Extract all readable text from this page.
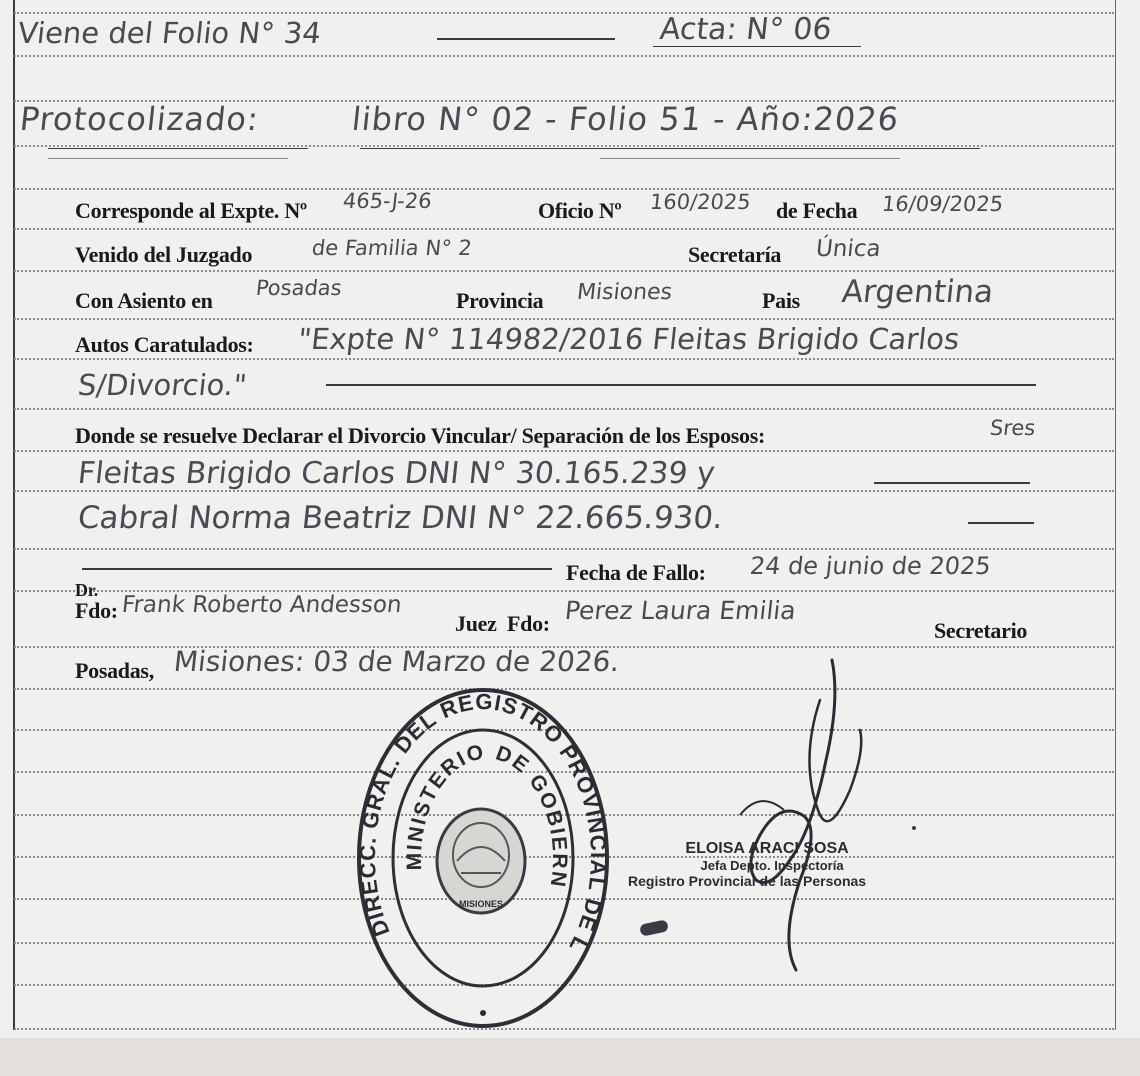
Viene del Folio N° 34	Acta: N° 06
Protocolizado:	libro N° 02 - Folio 51 - Año:2026
Corresponde al Expte. Nº 465-J-26	Oficio Nº 160/2025 de Fecha 16/09/2025
Venido del Juzgado	de Familia N° 2	Secretaría Única
Con Asiento en Posadas	Provincia Misiones	Pais Argentina
Autos Caratulados: "Expte N° 114982/2016 Fleitas Brigido Carlos
S/Divorcio."
Donde se resuelve Declarar el Divorcio Vincular/ Separación de los Esposos:	Sres
Fleitas Brigido Carlos DNI N° 30.165.239 y
Cabral Norma Beatriz DNI N° 22.665.930.
Fecha de Fallo: 24 de junio de 2025
Dr.
Fdo: Frank Roberto Andesson
Juez Fdo: Perez Laura Emilia
Secretario
Posadas, Misiones: 03 de Marzo de 2026.
DIRECC. GRAL. DEL REGISTRO PROVINCIAL DE L
MINISTERIO DE GOBIERN
MISIONES
ELOISA ARACI SOSA
Jefa Depto. Inspectoría
Registro Provincial de las Personas
